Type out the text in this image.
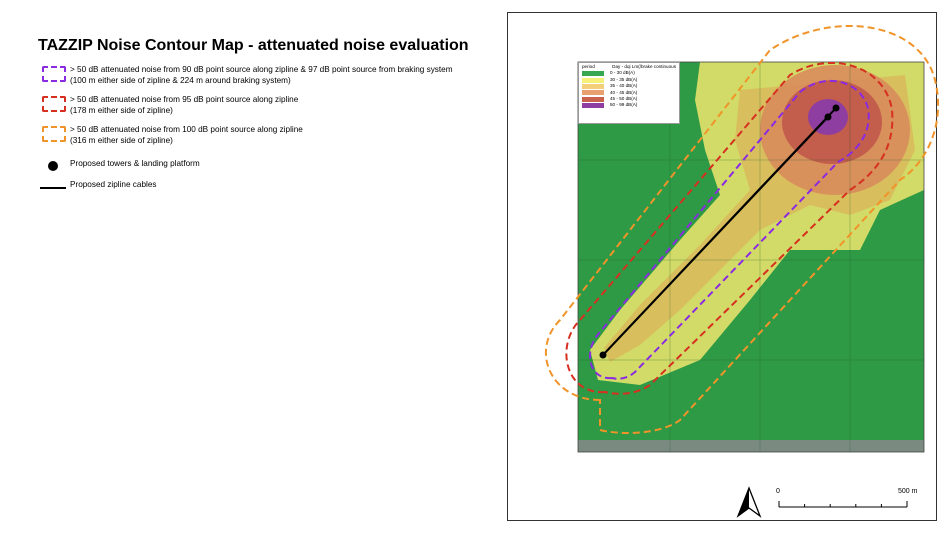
TAZZIP Noise Contour Map - attenuated noise evaluation
> 50 dB attenuated noise from 90 dB point source along zipline & 97 dB point source from braking system
(100 m either side of zipline & 224 m around braking system)
> 50 dB attenuated noise from 95 dB point source along zipline
(178 m either side of zipline)
> 50 dB attenuated noise from 100 dB point source along zipline
(316 m either side of zipline)
Proposed towers & landing platform
Proposed zipline cables
period	Day - dqi Lm(/brake continuous
0 - 30 dB(A)
30 - 35 dB(A)
35 - 40 dB(A)
40 - 45 dB(A)
45 - 50 dB(A)
50 - 99 dB(A)
0	500 m
